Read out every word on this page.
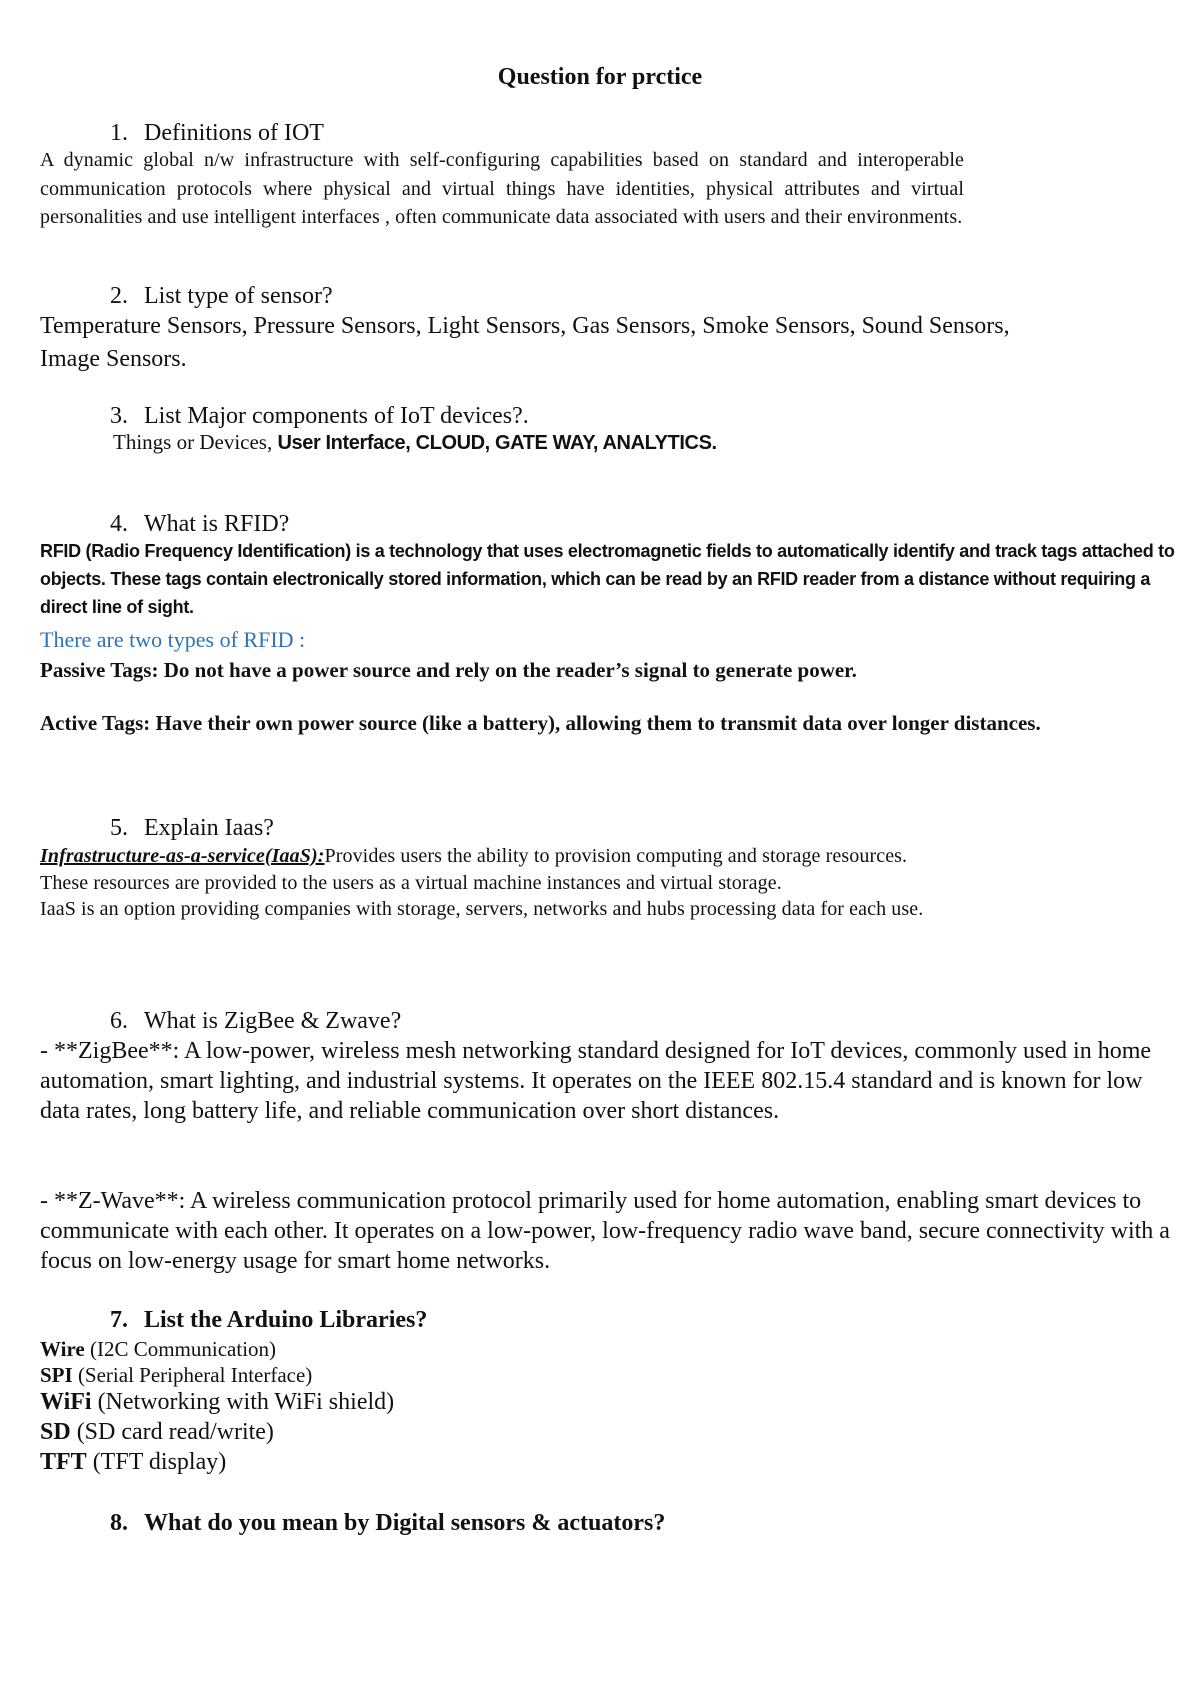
Question for prctice
1. Definitions of IOT
A dynamic global n/w infrastructure with self-configuring capabilities based on standard and interoperable communication protocols where physical and virtual things have identities, physical attributes and virtual personalities and use intelligent interfaces , often communicate data associated with users and their environments.
2. List type of sensor?
Temperature Sensors, Pressure Sensors, Light Sensors, Gas Sensors, Smoke Sensors, Sound Sensors, Image Sensors.
3. List Major components of IoT devices?.
Things or Devices, User Interface, CLOUD, GATE WAY, ANALYTICS.
4. What is RFID?
RFID (Radio Frequency Identification) is a technology that uses electromagnetic fields to automatically identify and track tags attached to objects. These tags contain electronically stored information, which can be read by an RFID reader from a distance without requiring a direct line of sight.
There are two types of RFID :
Passive Tags: Do not have a power source and rely on the reader’s signal to generate power.
Active Tags: Have their own power source (like a battery), allowing them to transmit data over longer distances.
5. Explain Iaas?
Infrastructure-as-a-service(IaaS):Provides users the ability to provision computing and storage resources.
These resources are provided to the users as a virtual machine instances and virtual storage.
IaaS is an option providing companies with storage, servers, networks and hubs processing data for each use.
6. What is ZigBee & Zwave?
- **ZigBee**: A low-power, wireless mesh networking standard designed for IoT devices, commonly used in home automation, smart lighting, and industrial systems. It operates on the IEEE 802.15.4 standard and is known for low data rates, long battery life, and reliable communication over short distances.
- **Z-Wave**: A wireless communication protocol primarily used for home automation, enabling smart devices to communicate with each other. It operates on a low-power, low-frequency radio wave band, secure connectivity with a focus on low-energy usage for smart home networks.
7. List the Arduino Libraries?
Wire (I2C Communication)
SPI (Serial Peripheral Interface)
WiFi (Networking with WiFi shield)
SD (SD card read/write)
TFT (TFT display)
8. What do you mean by Digital sensors & actuators?
